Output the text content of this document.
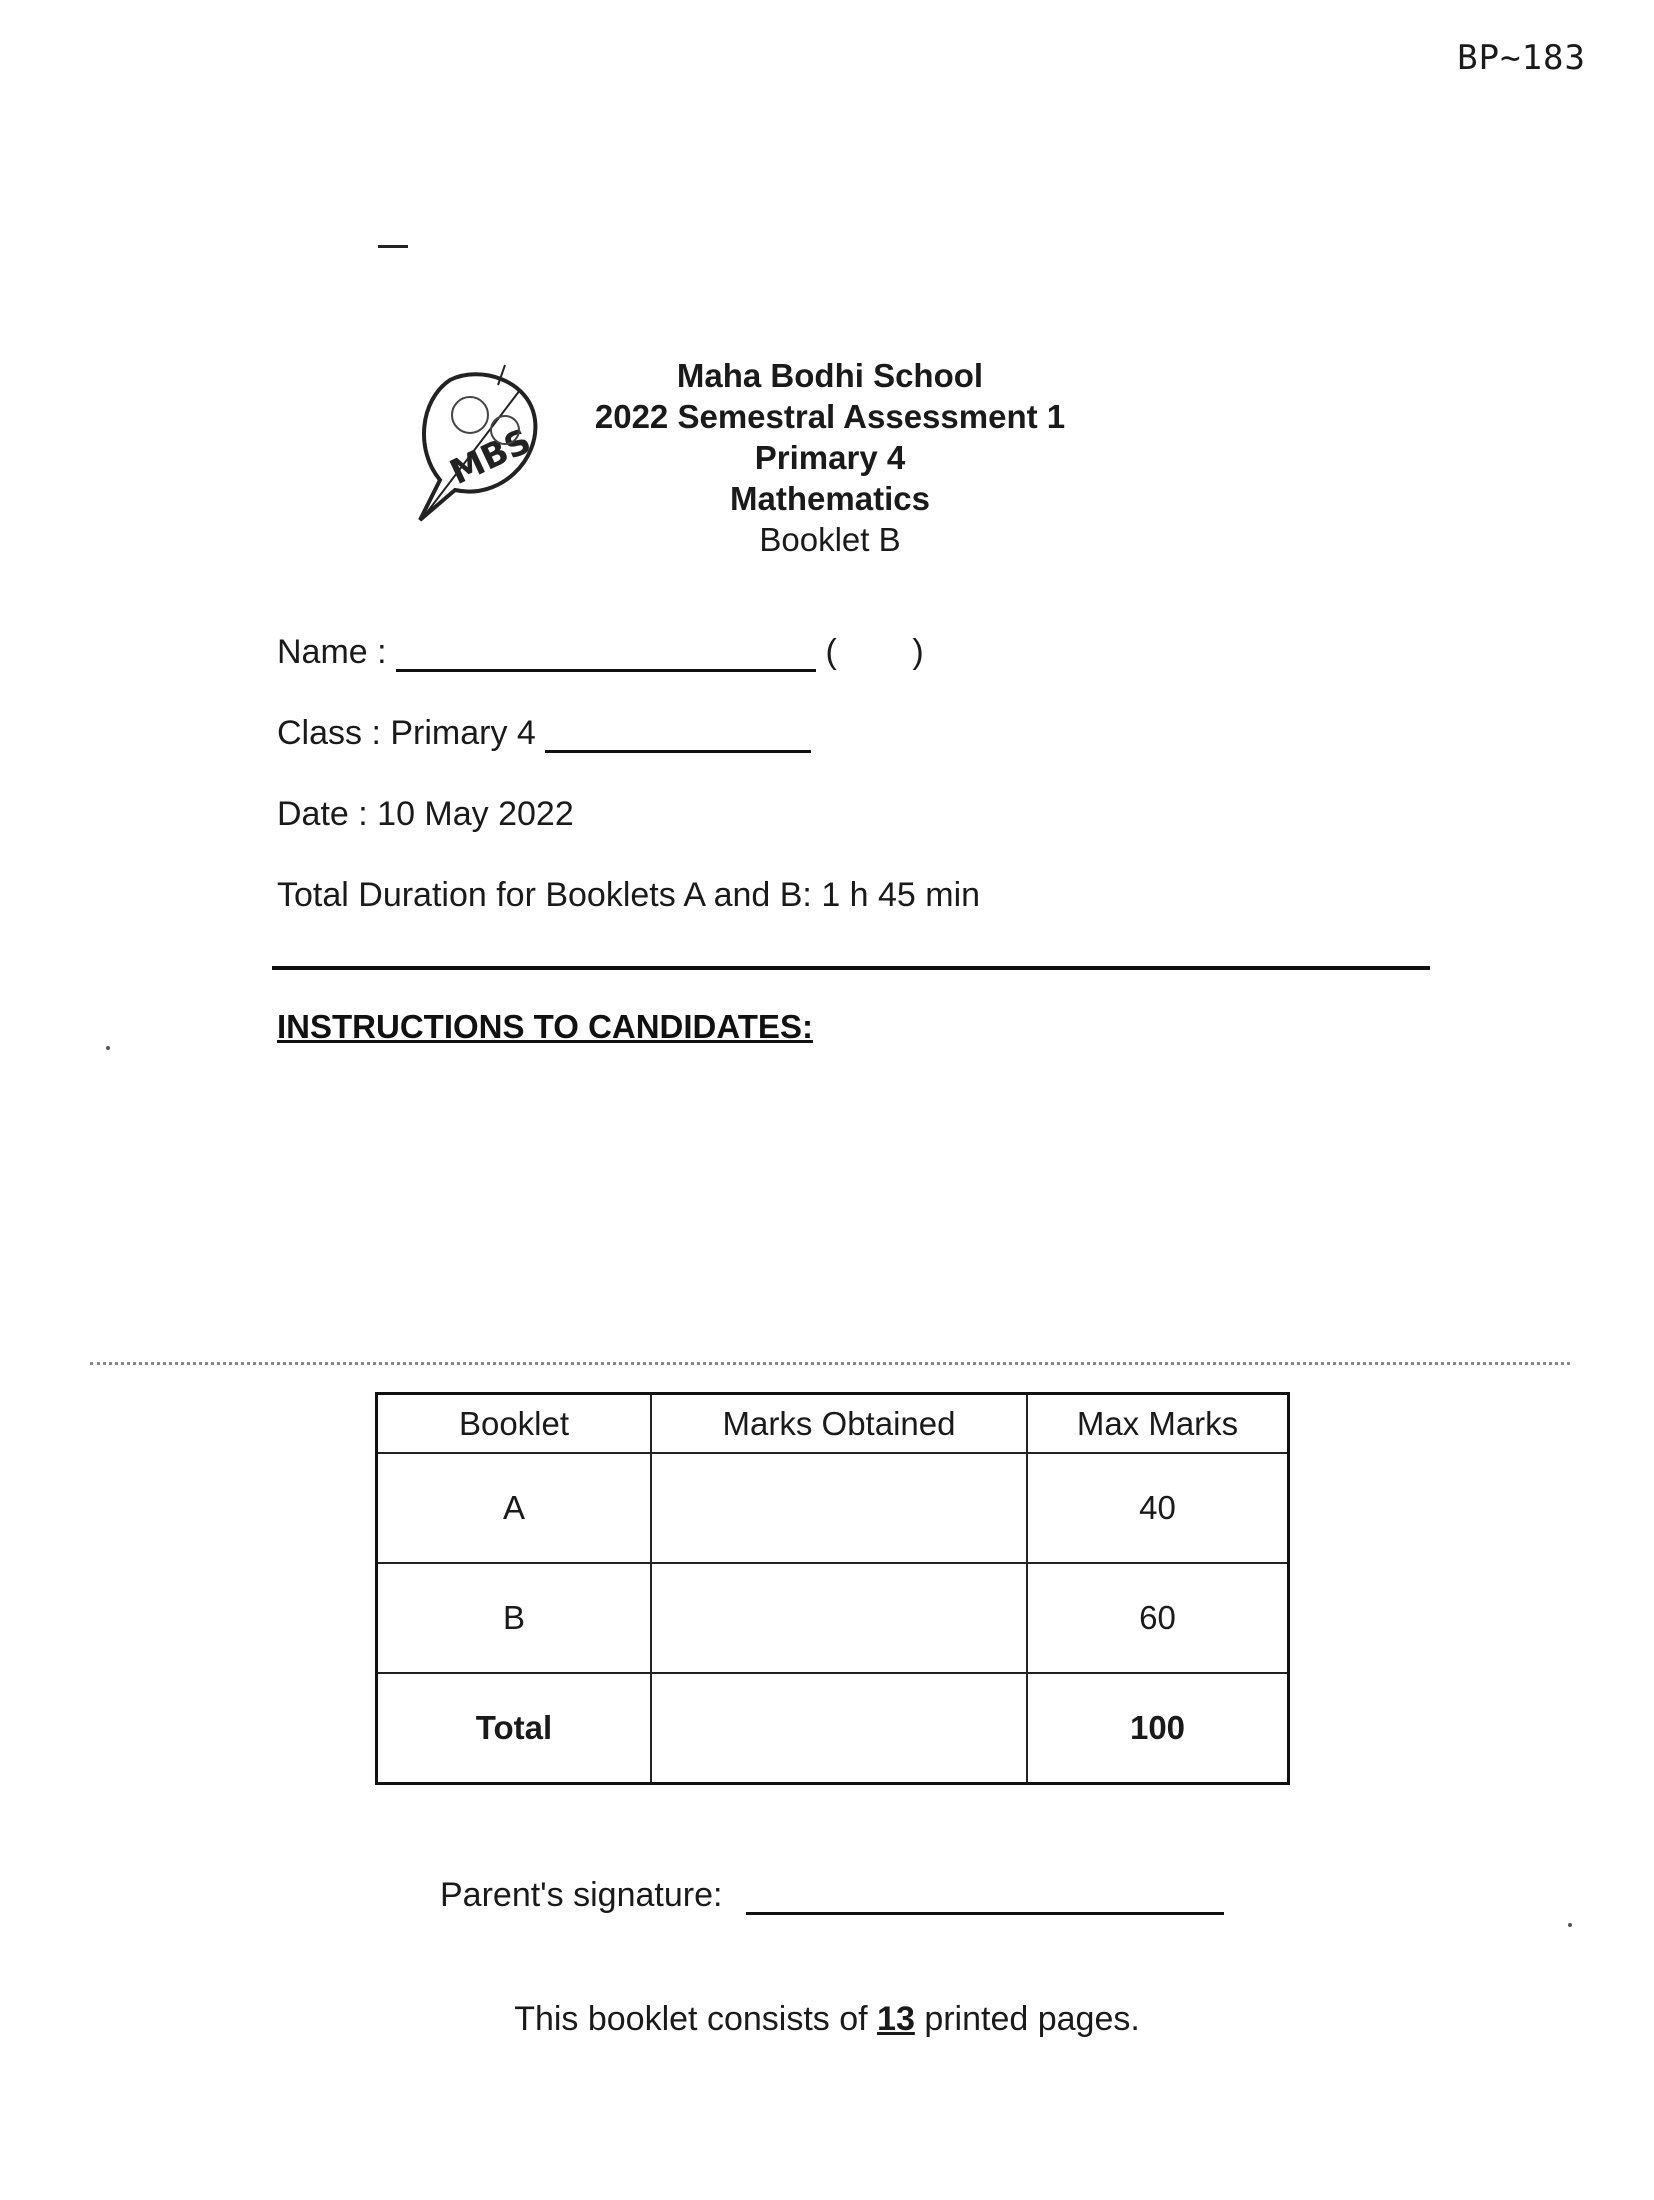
BP~183
MBS
Maha Bodhi School
2022 Semestral Assessment 1
Primary 4
Mathematics
Booklet B
Name :	(        )
Class : Primary 4
Date : 10 May 2022
Total Duration for Booklets A and B: 1 h 45 min
INSTRUCTIONS TO CANDIDATES:
Booklet	Marks Obtained	Max Marks
A		40
B		60
Total		100
Parent's signature:
This booklet consists of 13 printed pages.
